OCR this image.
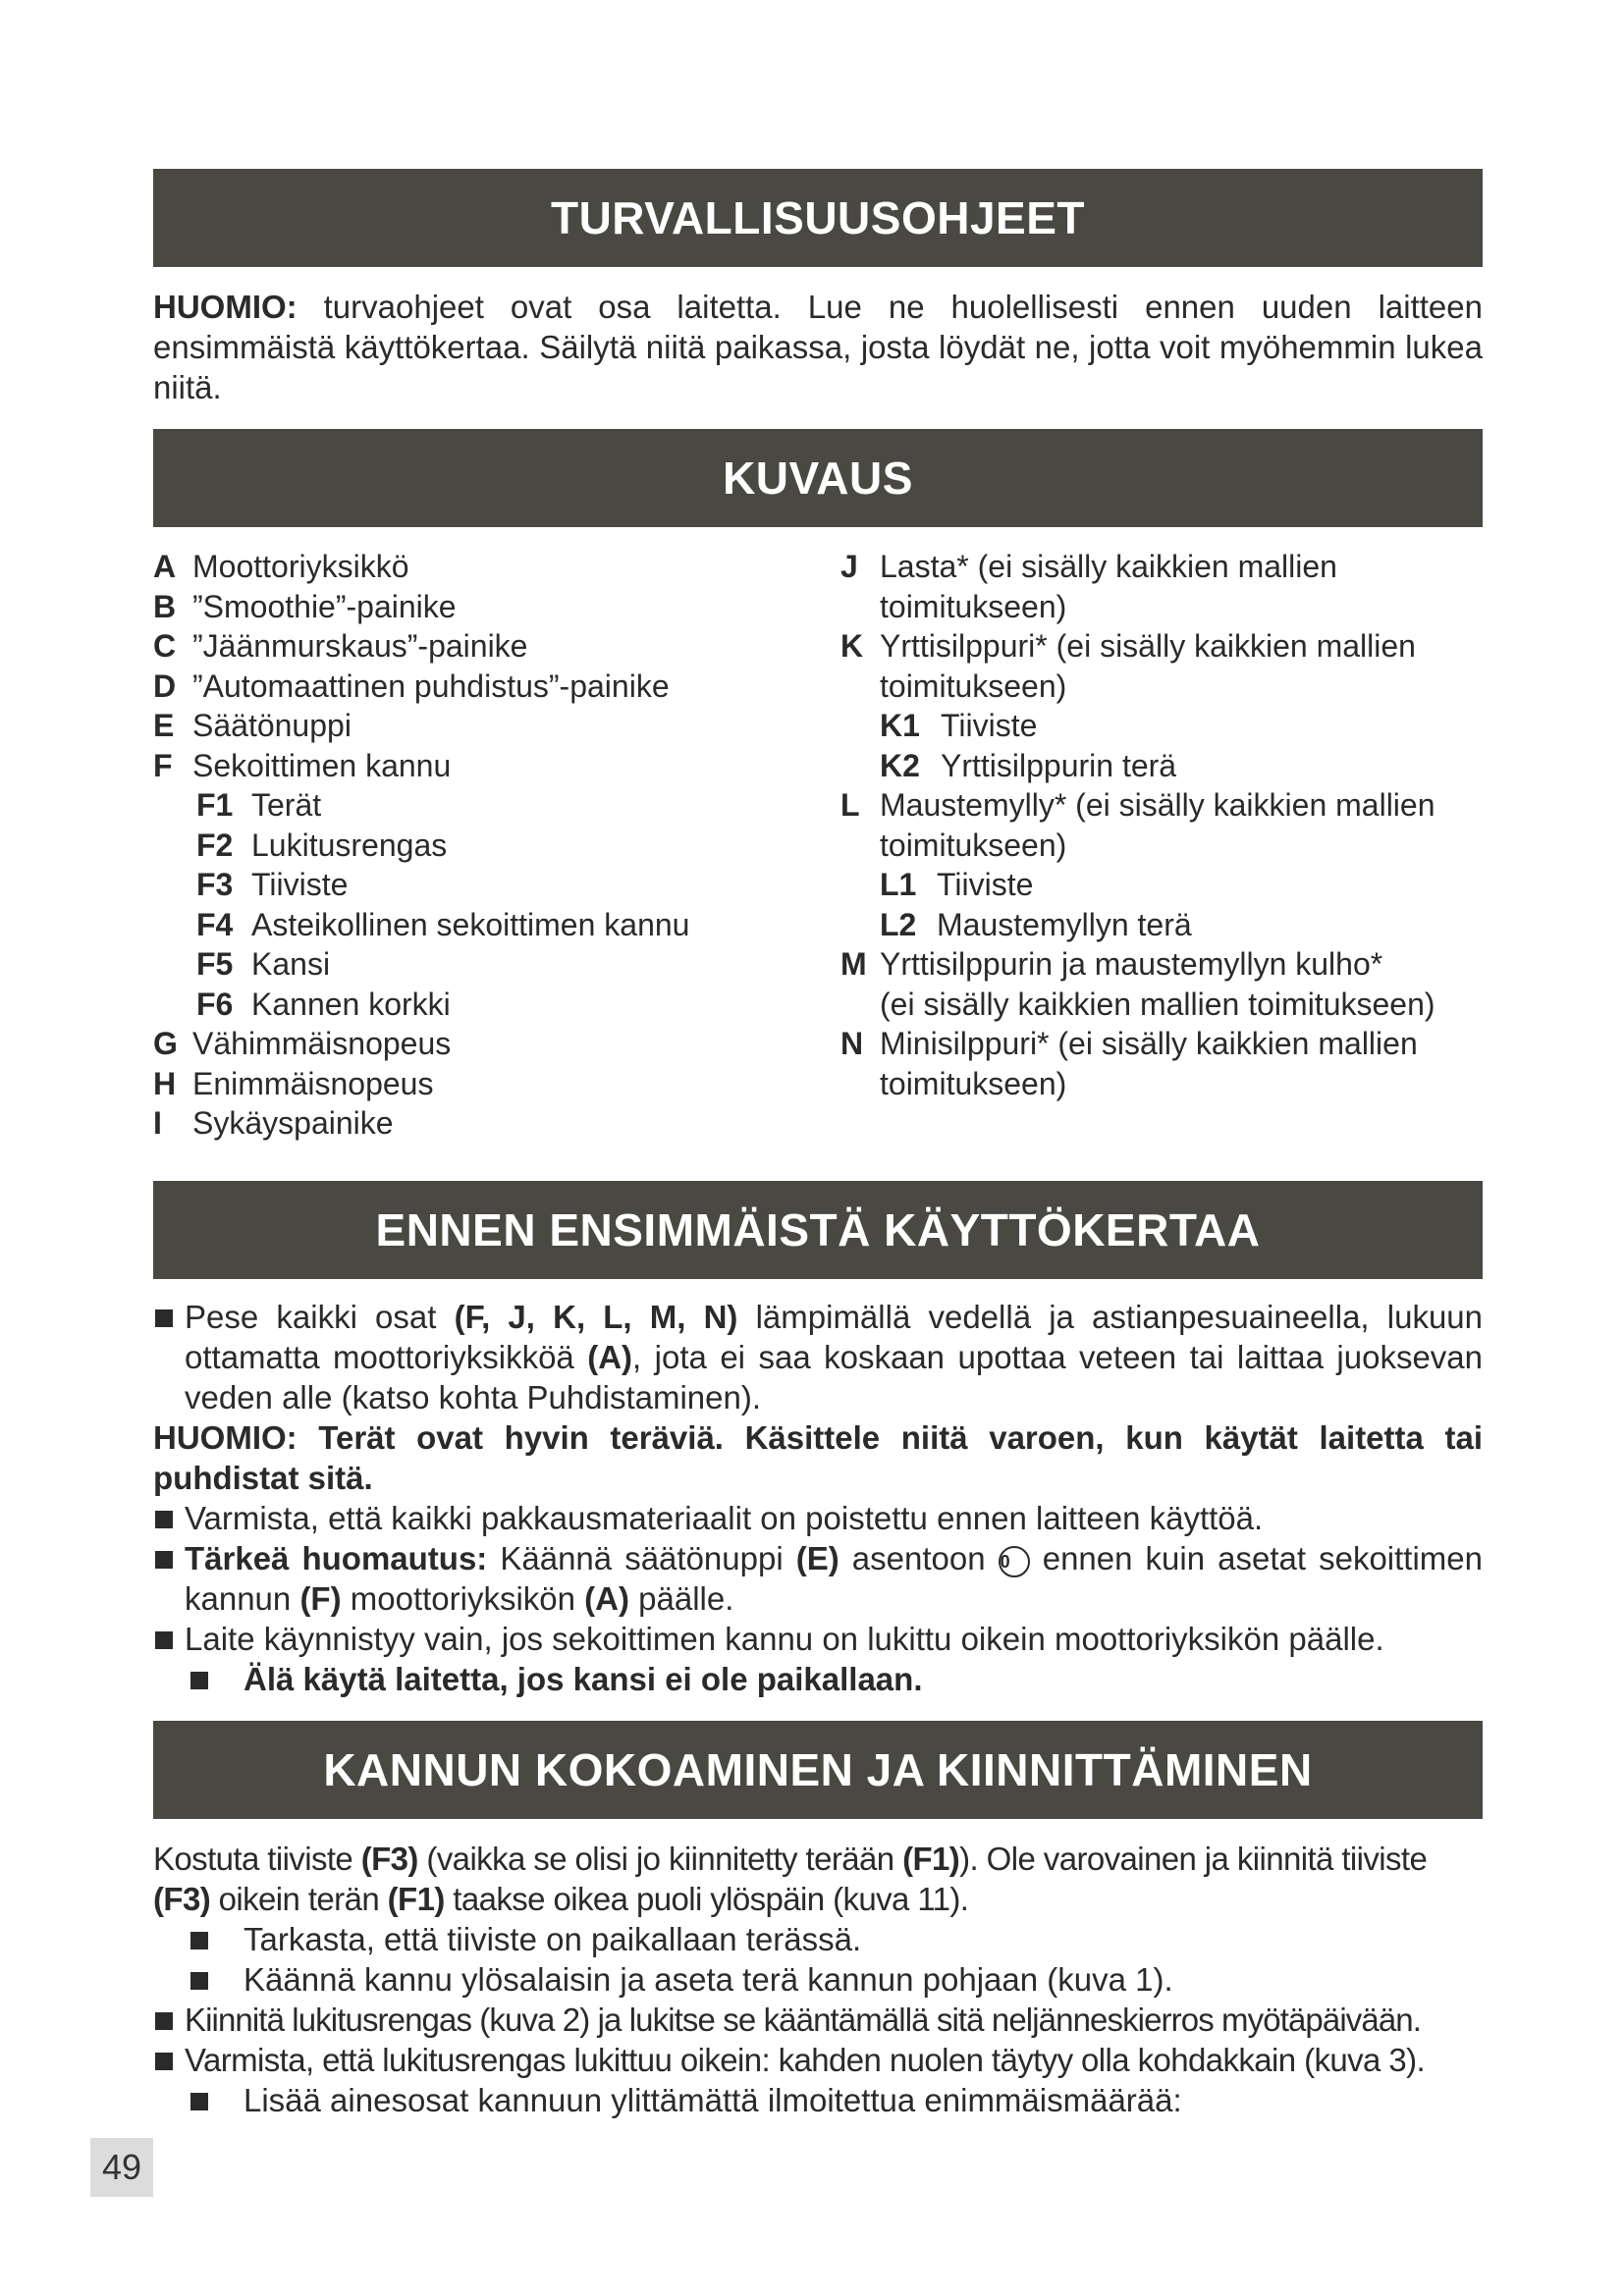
TURVALLISUUSOHJEET
HUOMIO: turvaohjeet ovat osa laitetta. Lue ne huolellisesti ennen uuden laitteen ensimmäistä käyttökertaa. Säilytä niitä paikassa, josta löydät ne, jotta voit myöhemmin lukea niitä.
KUVAUS
A Moottoriyksikkö
B ”Smoothie”-painike
C ”Jäänmurskaus”-painike
D ”Automaattinen puhdistus”-painike
E Säätönuppi
F Sekoittimen kannu
F1 Terät
F2 Lukitusrengas
F3 Tiiviste
F4 Asteikollinen sekoittimen kannu
F5 Kansi
F6 Kannen korkki
G Vähimmäisnopeus
H Enimmäisnopeus
I Sykäyspainike
J Lasta* (ei sisälly kaikkien mallien
toimitukseen)
K Yrttisilppuri* (ei sisälly kaikkien mallien
toimitukseen)
K1 Tiiviste
K2 Yrttisilppurin terä
L Maustemylly* (ei sisälly kaikkien mallien
toimitukseen)
L1 Tiiviste
L2 Maustemyllyn terä
M Yrttisilppurin ja maustemyllyn kulho*
(ei sisälly kaikkien mallien toimitukseen)
N Minisilppuri* (ei sisälly kaikkien mallien
toimitukseen)
ENNEN ENSIMMÄISTÄ KÄYTTÖKERTAA
Pese kaikki osat (F, J, K, L, M, N) lämpimällä vedellä ja astianpesuaineella, lukuun ottamatta moottoriyksikköä (A), jota ei saa koskaan upottaa veteen tai laittaa juoksevan veden alle (katso kohta Puhdistaminen).
HUOMIO: Terät ovat hyvin teräviä. Käsittele niitä varoen, kun käytät laitetta tai puhdistat sitä.
Varmista, että kaikki pakkausmateriaalit on poistettu ennen laitteen käyttöä.
Tärkeä huomautus: Käännä säätönuppi (E) asentoon 0 ennen kuin asetat sekoittimen kannun (F) moottoriyksikön (A) päälle.
Laite käynnistyy vain, jos sekoittimen kannu on lukittu oikein moottoriyksikön päälle.
Älä käytä laitetta, jos kansi ei ole paikallaan.
KANNUN KOKOAMINEN JA KIINNITTÄMINEN
Kostuta tiiviste (F3) (vaikka se olisi jo kiinnitetty terään (F1)). Ole varovainen ja kiinnitä tiiviste (F3) oikein terän (F1) taakse oikea puoli ylöspäin (kuva 11).
Tarkasta, että tiiviste on paikallaan terässä.
Käännä kannu ylösalaisin ja aseta terä kannun pohjaan (kuva 1).
Kiinnitä lukitusrengas (kuva 2) ja lukitse se kääntämällä sitä neljänneskierros myötäpäivään.
Varmista, että lukitusrengas lukittuu oikein: kahden nuolen täytyy olla kohdakkain (kuva 3).
Lisää ainesosat kannuun ylittämättä ilmoitettua enimmäismäärää:
49
